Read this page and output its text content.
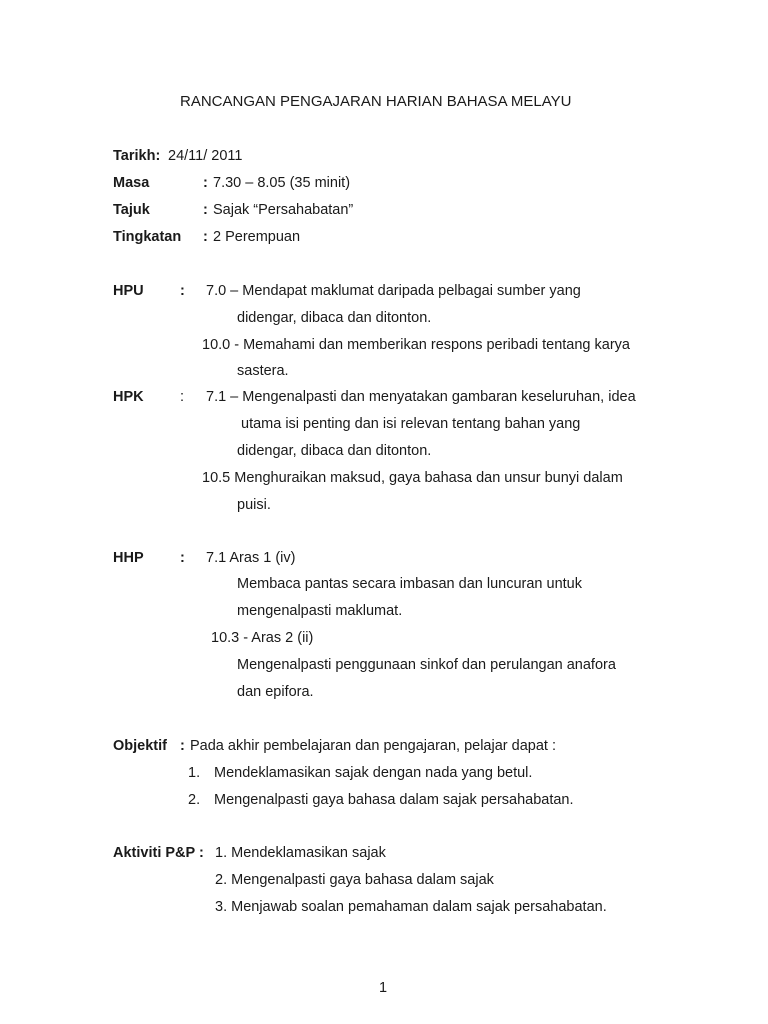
RANCANGAN PENGAJARAN HARIAN BAHASA MELAYU
Tarikh: 24/11/ 2011
Masa	: 7.30 – 8.05 (35 minit)
Tajuk	: Sajak “Persahabatan”
Tingkatan : 2 Perempuan
HPU	: 7.0 – Mendapat maklumat daripada pelbagai sumber yang
didengar, dibaca dan ditonton.
10.0 - Memahami dan memberikan respons peribadi tentang karya
sastera.
HPK	: 7.1 – Mengenalpasti dan menyatakan gambaran keseluruhan, idea
utama isi penting dan isi relevan tentang bahan yang
didengar, dibaca dan ditonton.
10.5 Menghuraikan maksud, gaya bahasa dan unsur bunyi dalam
puisi.
HHP	: 7.1 Aras 1 (iv)
Membaca pantas secara imbasan dan luncuran untuk
mengenalpasti maklumat.
10.3 - Aras 2 (ii)
Mengenalpasti penggunaan sinkof dan perulangan anafora
dan epifora.
Objektif : Pada akhir pembelajaran dan pengajaran, pelajar dapat :
1. Mendeklamasikan sajak dengan nada yang betul.
2. Mengenalpasti gaya bahasa dalam sajak persahabatan.
Aktiviti P&P : 1. Mendeklamasikan sajak
2. Mengenalpasti gaya bahasa dalam sajak
3. Menjawab soalan pemahaman dalam sajak persahabatan.
1
